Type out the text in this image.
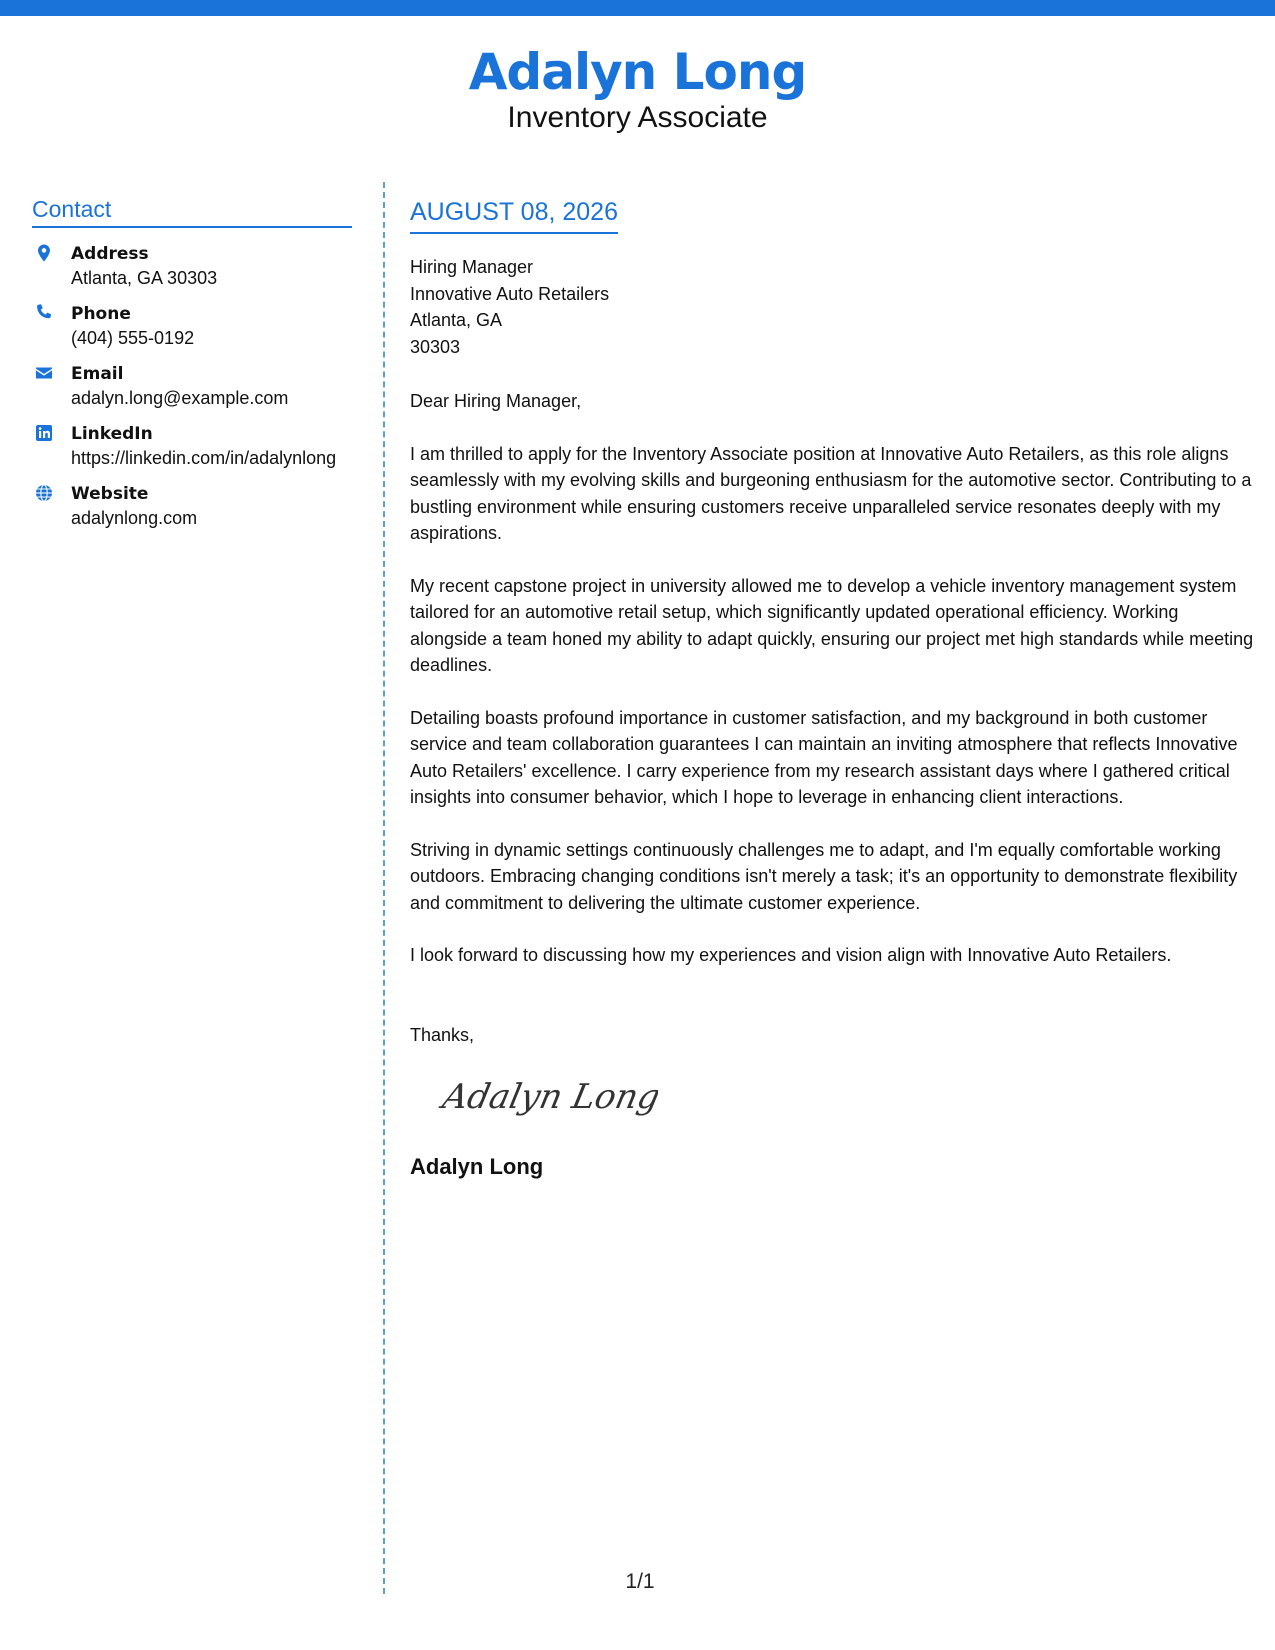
Adalyn Long
Inventory Associate
Contact
Address
Atlanta, GA 30303
Phone
(404) 555-0192
Email
adalyn.long@example.com
LinkedIn
https://linkedin.com/in/adalynlong
Website
adalynlong.com
AUGUST 08, 2026
Hiring Manager
Innovative Auto Retailers
Atlanta, GA
30303
Dear Hiring Manager,
I am thrilled to apply for the Inventory Associate position at Innovative Auto Retailers, as this role aligns seamlessly with my evolving skills and burgeoning enthusiasm for the automotive sector. Contributing to a bustling environment while ensuring customers receive unparalleled service resonates deeply with my aspirations.
My recent capstone project in university allowed me to develop a vehicle inventory management system tailored for an automotive retail setup, which significantly updated operational efficiency. Working alongside a team honed my ability to adapt quickly, ensuring our project met high standards while meeting deadlines.
Detailing boasts profound importance in customer satisfaction, and my background in both customer service and team collaboration guarantees I can maintain an inviting atmosphere that reflects Innovative Auto Retailers' excellence. I carry experience from my research assistant days where I gathered critical insights into consumer behavior, which I hope to leverage in enhancing client interactions.
Striving in dynamic settings continuously challenges me to adapt, and I'm equally comfortable working outdoors. Embracing changing conditions isn't merely a task; it's an opportunity to demonstrate flexibility and commitment to delivering the ultimate customer experience.
I look forward to discussing how my experiences and vision align with Innovative Auto Retailers.
Thanks,
Adalyn Long
Adalyn Long
1/1
